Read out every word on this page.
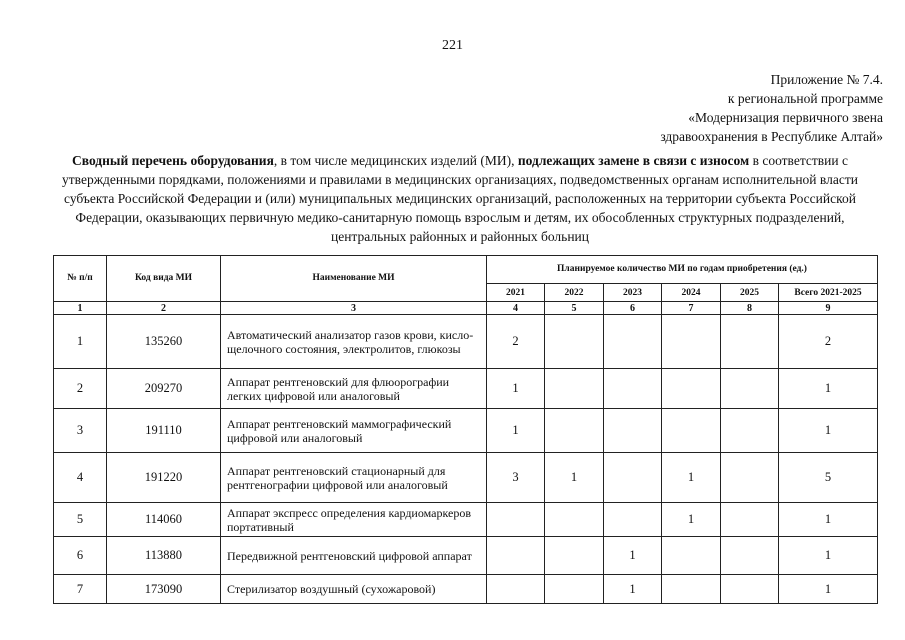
221
Приложение № 7.4.
к региональной программе
«Модернизация первичного звена
здравоохранения в Республике Алтай»
Сводный перечень оборудования, в том числе медицинских изделий (МИ), подлежащих замене в связи с износом в соответствии с утвержденными порядками, положениями и правилами в медицинских организациях, подведомственных органам исполнительной власти субъекта Российской Федерации и (или) муниципальных медицинских организаций, расположенных на территории субъекта Российской Федерации, оказывающих первичную медико-санитарную помощь взрослым и детям, их обособленных структурных подразделений, центральных районных и районных больниц
№ п/п	Код вида МИ	Наименование МИ	Планируемое количество МИ по годам приобретения (ед.)					
			2021	2022	2023	2024	2025	Всего 2021-2025
1	2	3	4	5	6	7	8	9
1	135260	Автоматический анализатор газов крови, кисло-щелочного состояния, электролитов, глюкозы	2					2
2	209270	Аппарат рентгеновский для флюорографии легких цифровой или аналоговый	1					1
3	191110	Аппарат рентгеновский маммографический цифровой или аналоговый	1					1
4	191220	Аппарат рентгеновский стационарный для рентгенографии цифровой или аналоговый	3	1		1		5
5	114060	Аппарат экспресс определения кардиомаркеров портативный				1		1
6	113880	Передвижной рентгеновский цифровой аппарат			1			1
7	173090	Стерилизатор воздушный (сухожаровой)			1			1
